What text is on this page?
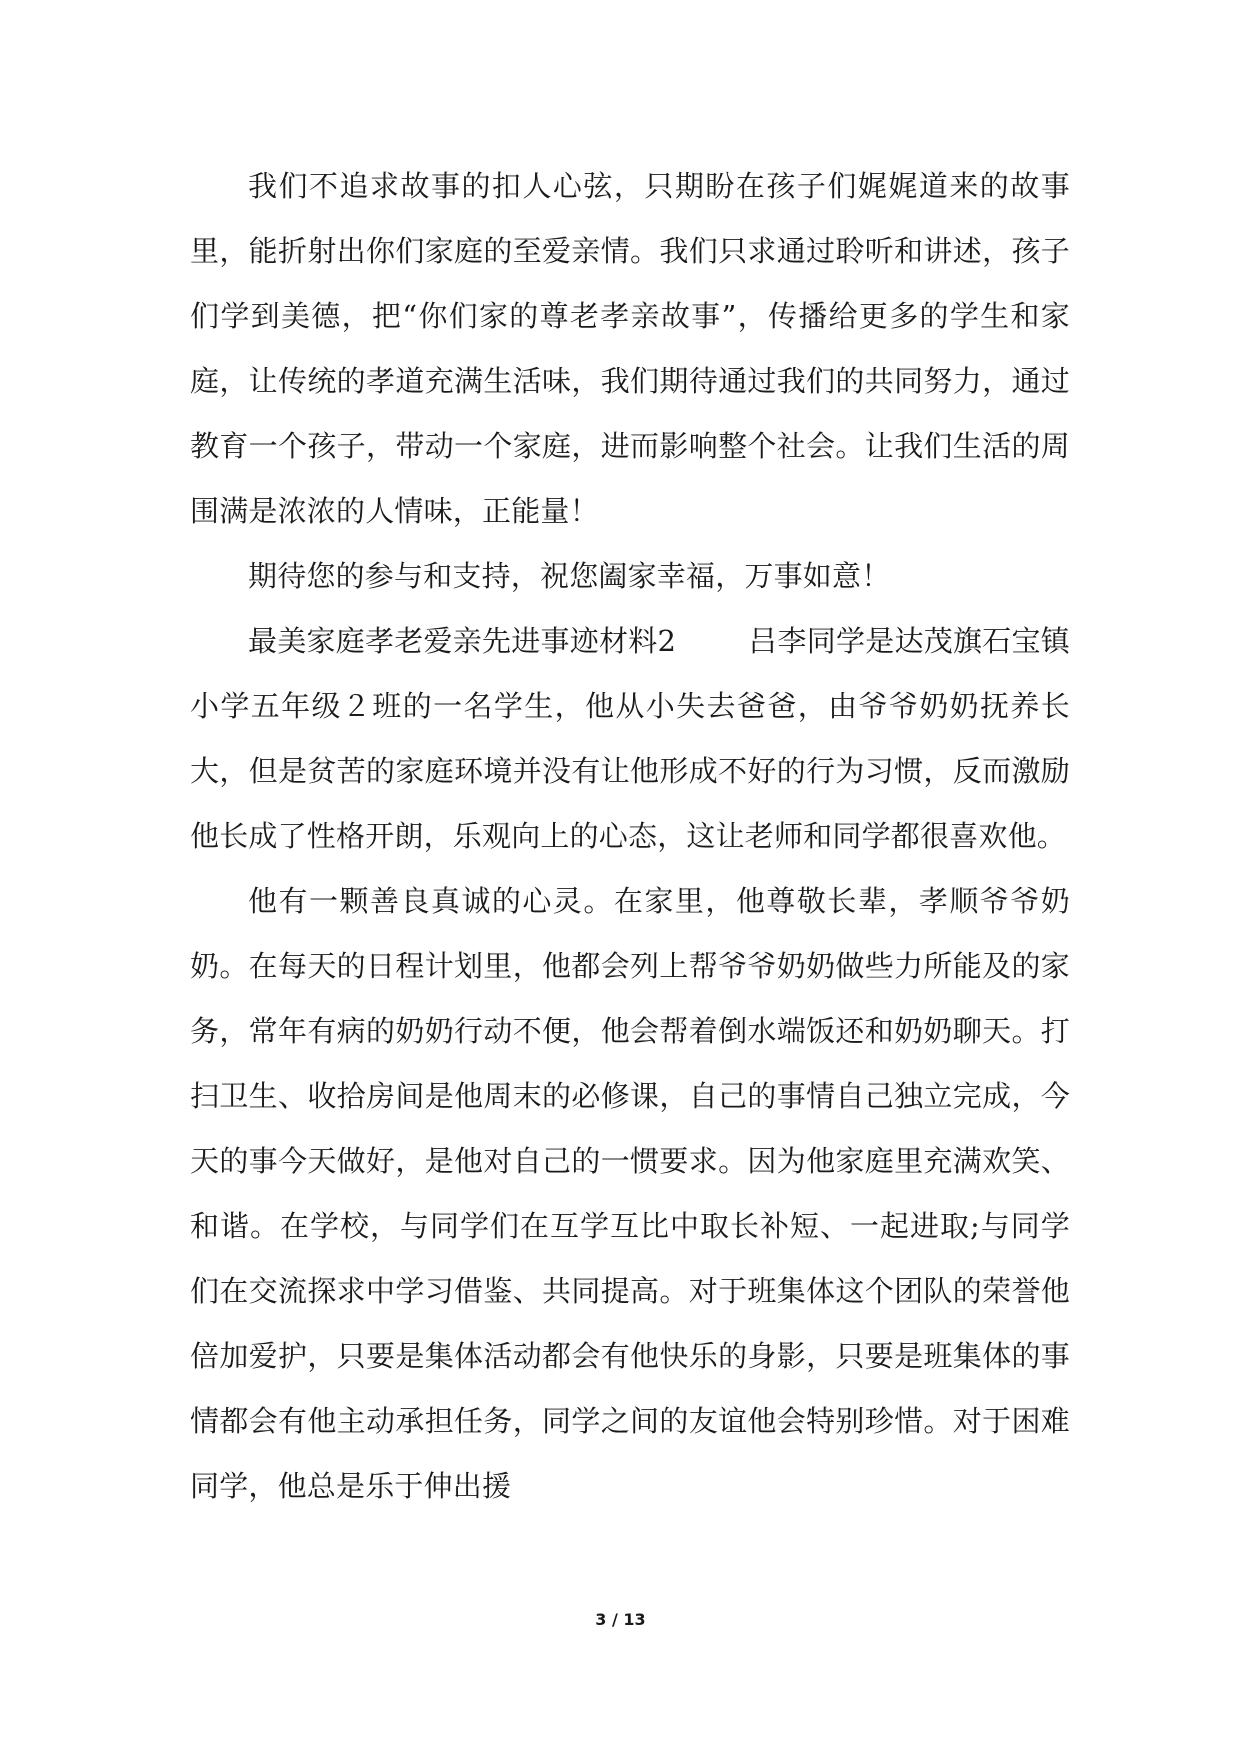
我们不追求故事的扣人心弦，只期盼在孩子们娓娓道来的故事里，能折射出你们家庭的至爱亲情。我们只求通过聆听和讲述，孩子们学到美德，把“你们家的尊老孝亲故事”，传播给更多的学生和家庭，让传统的孝道充满生活味，我们期待通过我们的共同努力，通过教育一个孩子，带动一个家庭，进而影响整个社会。让我们生活的周围满是浓浓的人情味，正能量！

期待您的参与和支持，祝您阖家幸福，万事如意！

最美家庭孝老爱亲先进事迹材料2 吕李同学是达茂旗石宝镇小学五年级２班的一名学生，他从小失去爸爸，由爷爷奶奶抚养长大，但是贫苦的家庭环境并没有让他形成不好的行为习惯，反而激励他长成了性格开朗，乐观向上的心态，这让老师和同学都很喜欢他。

他有一颗善良真诚的心灵。在家里，他尊敬长辈，孝顺爷爷奶奶。在每天的日程计划里，他都会列上帮爷爷奶奶做些力所能及的家务，常年有病的奶奶行动不便，他会帮着倒水端饭还和奶奶聊天。打扫卫生、收拾房间是他周末的必修课，自己的事情自己独立完成，今天的事今天做好，是他对自己的一惯要求。因为他家庭里充满欢笑、和谐。在学校，与同学们在互学互比中取长补短、一起进取;与同学们在交流探求中学习借鉴、共同提高。对于班集体这个团队的荣誉他倍加爱护，只要是集体活动都会有他快乐的身影，只要是班集体的事情都会有他主动承担任务，同学之间的友谊他会特别珍惜。对于困难同学，他总是乐于伸出援

3 / 13
